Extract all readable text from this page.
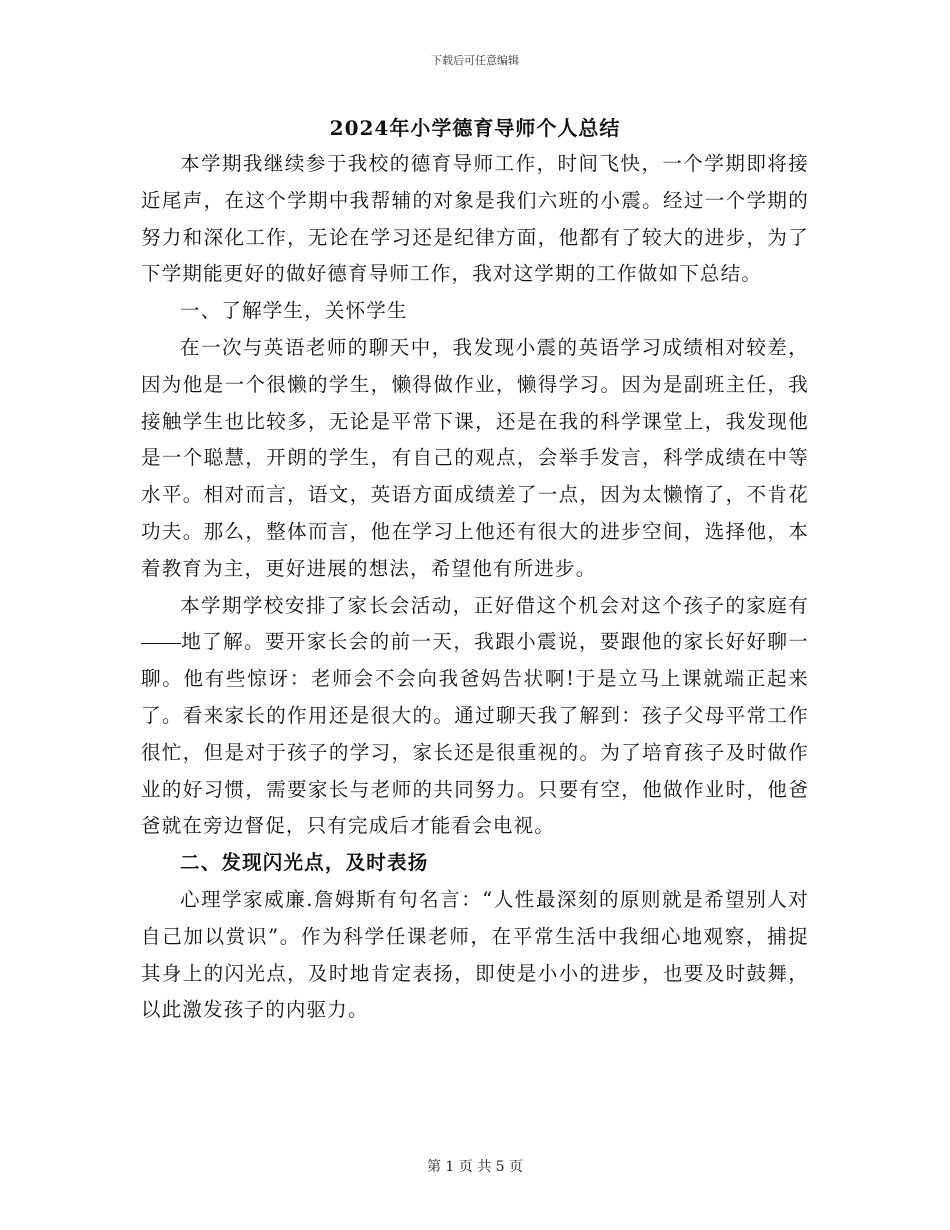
下载后可任意编辑
2024年小学德育导师个人总结

本学期我继续参于我校的德育导师工作，时间飞快，一个学期即将接近尾声，在这个学期中我帮辅的对象是我们六班的小震。经过一个学期的努力和深化工作，无论在学习还是纪律方面，他都有了较大的进步，为了下学期能更好的做好德育导师工作，我对这学期的工作做如下总结。

一、了解学生，关怀学生

在一次与英语老师的聊天中，我发现小震的英语学习成绩相对较差，因为他是一个很懒的学生，懒得做作业，懒得学习。因为是副班主任，我接触学生也比较多，无论是平常下课，还是在我的科学课堂上，我发现他是一个聪慧，开朗的学生，有自己的观点，会举手发言，科学成绩在中等水平。相对而言，语文，英语方面成绩差了一点，因为太懒惰了，不肯花功夫。那么，整体而言，他在学习上他还有很大的进步空间，选择他，本着教育为主，更好进展的想法，希望他有所进步。

本学期学校安排了家长会活动，正好借这个机会对这个孩子的家庭有地了解。要开家长会的前一天，我跟小震说，要跟他的家长好好聊一聊。他有些惊讶：老师会不会向我爸妈告状啊!于是立马上课就端正起来了。看来家长的作用还是很大的。通过聊天我了解到：孩子父母平常工作很忙，但是对于孩子的学习，家长还是很重视的。为了培育孩子及时做作业的好习惯，需要家长与老师的共同努力。只要有空，他做作业时，他爸爸就在旁边督促，只有完成后才能看会电视。

二、发现闪光点，及时表扬

心理学家威廉.詹姆斯有句名言：“人性最深刻的原则就是希望别人对自己加以赏识”。作为科学任课老师，在平常生活中我细心地观察，捕捉其身上的闪光点，及时地肯定表扬，即使是小小的进步，也要及时鼓舞，以此激发孩子的内驱力。

第 1 页 共 5 页
